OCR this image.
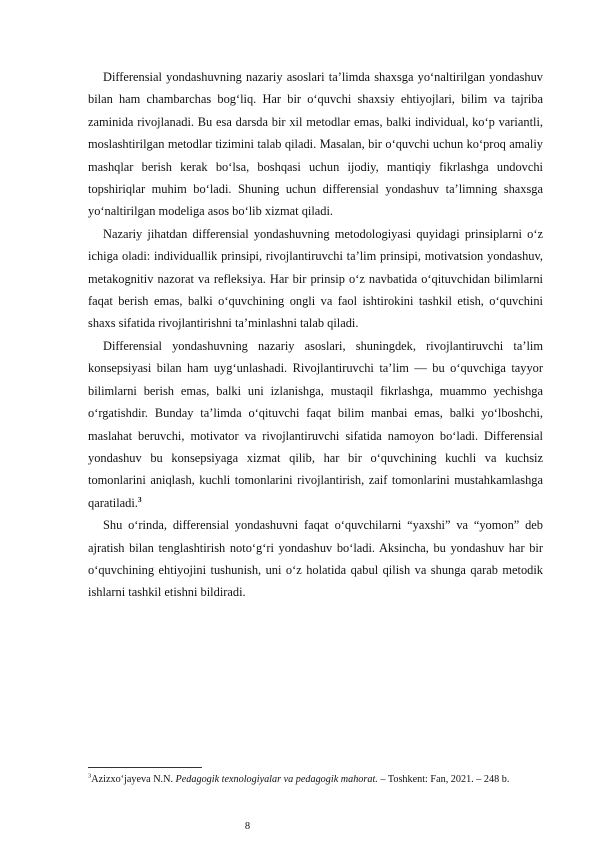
Differensial yondashuvning nazariy asoslari ta’limda shaxsga yo‘naltirilgan yondashuv bilan ham chambarchas bog‘liq. Har bir o‘quvchi shaxsiy ehtiyojlari, bilim va tajriba zaminida rivojlanadi. Bu esa darsda bir xil metodlar emas, balki individual, ko‘p variantli, moslashtirilgan metodlar tizimini talab qiladi. Masalan, bir o‘quvchi uchun ko‘proq amaliy mashqlar berish kerak bo‘lsa, boshqasi uchun ijodiy, mantiqiy fikrlashga undovchi topshiriqlar muhim bo‘ladi. Shuning uchun differensial yondashuv ta’limning shaxsga yo‘naltirilgan modeliga asos bo‘lib xizmat qiladi.

Nazariy jihatdan differensial yondashuvning metodologiyasi quyidagi prinsiplarni o‘z ichiga oladi: individuallik prinsipi, rivojlantiruvchi ta’lim prinsipi, motivatsion yondashuv, metakognitiv nazorat va refleksiya. Har bir prinsip o‘z navbatida o‘qituvchidan bilimlarni faqat berish emas, balki o‘quvchining ongli va faol ishtirokini tashkil etish, o‘quvchini shaxs sifatida rivojlantirishni ta’minlashni talab qiladi.

Differensial yondashuvning nazariy asoslari, shuningdek, rivojlantiruvchi ta’lim konsepsiyasi bilan ham uyg‘unlashadi. Rivojlantiruvchi ta’lim — bu o‘quvchiga tayyor bilimlarni berish emas, balki uni izlanishga, mustaqil fikrlashga, muammo yechishga o‘rgatishdir. Bunday ta’limda o‘qituvchi faqat bilim manbai emas, balki yo‘lboshchi, maslahat beruvchi, motivator va rivojlantiruvchi sifatida namoyon bo‘ladi. Differensial yondashuv bu konsepsiyaga xizmat qilib, har bir o‘quvchining kuchli va kuchsiz tomonlarini aniqlash, kuchli tomonlarini rivojlantirish, zaif tomonlarini mustahkamlashga qaratiladi.$^3$

Shu o‘rinda, differensial yondashuvni faqat o‘quvchilarni “yaxshi” va “yomon” deb ajratish bilan tenglashtirish noto‘g‘ri yondashuv bo‘ladi. Aksincha, bu yondashuv har bir o‘quvchining ehtiyojini tushunish, uni o‘z holatida qabul qilish va shunga qarab metodik ishlarni tashkil etishni bildiradi.

$^3$Azizxo‘jayeva N.N. Pedagogik texnologiyalar va pedagogik mahorat. – Toshkent: Fan, 2021. – 248 b.
8
